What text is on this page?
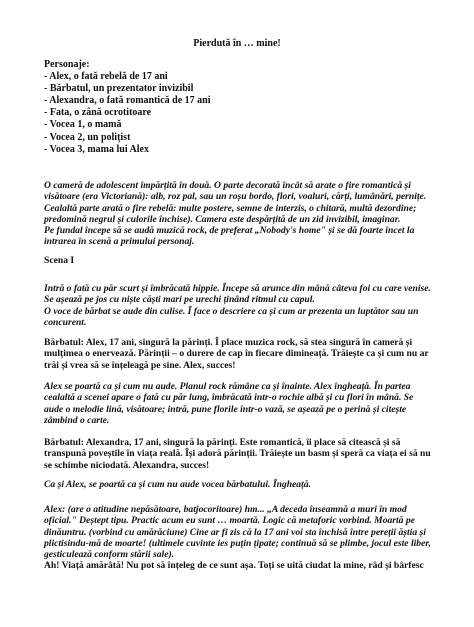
Pierdută în … mine!
Personaje:
- Alex, o fată rebelă de 17 ani
- Bărbatul, un prezentator invizibil
- Alexandra, o fată romantică de 17 ani
- Fata, o zână ocrotitoare
- Vocea 1, o mamă
- Vocea 2, un polițist
- Vocea 3, mama lui Alex

O cameră de adolescent împărțită în două. O parte decorată încât să arate o fire romantică și visătoare (era Victoriană): alb, roz pal, sau un roșu bordo, flori, voaluri, cărți, lumânări, pernițe. Cealaltă parte arată o fire rebelă: multe postere, semne de interzis, o chitară, multă dezordine; predomină negrul și culorile închise). Camera este despărțită de un zid invizibil, imaginar.

Pe fundal începe să se audă muzică rock, de preferat „Nobody's home" și se dă foarte încet la intrarea în scenă a primului personaj.

Scena I

Intră o fată cu păr scurt și îmbrăcată hippie. Începe să arunce din mână câteva foi cu care venise. Se așează pe jos cu niște căști mari pe urechi ținând ritmul cu capul.

O voce de bărbat se aude din culise. Î face o descriere ca și cum ar prezenta un luptător sau un concurent.

Bărbatul: Alex, 17 ani, singură la părinți. Î place muzica rock, să stea singură în cameră și mulțimea o enervează. Părinții – o durere de cap în fiecare dimineață. Trăiește ca și cum nu ar trăi și vrea să se înțeleagă pe sine. Alex, succes!
Alex se poartă ca și cum nu aude. Planul rock rămâne ca și înainte. Alex îngheață. În partea cealaltă a scenei apare o fată cu păr lung, îmbrăcată într-o rochie albă și cu flori în mână. Se aude o melodie lină, visătoare; intră, pune florile într-o vază, se așează pe o perină și citește zâmbind o carte.
Bărbatul: Alexandra, 17 ani, singură la părinți. Este romantică, îi place să citească și să transpună poveștile în viața reală. Își adoră părinții. Trăiește un basm și speră ca viața ei să nu se schimbe niciodată. Alexandra, succes!
Ca și Alex, se poartă ca și cum nu aude vocea bărbatului. Îngheață.

Alex: (are o atitudine nepăsătoare, batjocoritoare) hm... „A deceda înseamnă a muri în mod oficial." Deștept tipu. Practic acum eu sunt … moartă. Logic că metaforic vorbind. Moartă pe dinăuntru. (vorbind cu amărăciune) Cine ar fi zis că la 17 ani voi sta închisă între pereții ăștia și plictisindu-mă de moarte! (ultimele cuvinte ies puțin țipate; continuă să se plimbe, jocul este liber, gesticulează conform stării sale).

Ah! Viață amărâtă! Nu pot să înțeleg de ce sunt așa. Toți se uită ciudat la mine, râd și bârfesc
